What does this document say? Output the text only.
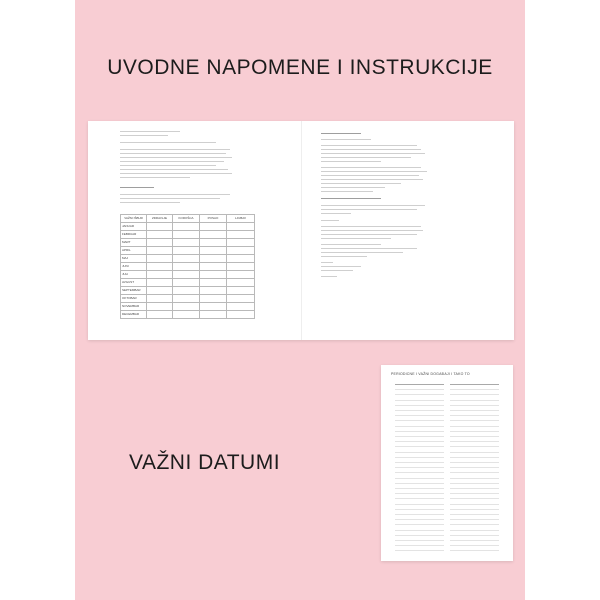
UVODNE NAPOMENE I INSTRUKCIJE
VAŽNI IŠBUR	ZDRAVLJE	KOROŠCA	POSAO	LJUBAV
JANUAR				
FEBRUAR				
MART				
APRIL				
MAJ				
JUNI				
JULI				
AVGUST				
SEPTEMBAR				
OKTOBAR				
NOVEMBAR				
DECEMBAR				
VAŽNI DATUMI
PERIODICNE I VAŽNI DOGAĐAJI I TAKO TO
